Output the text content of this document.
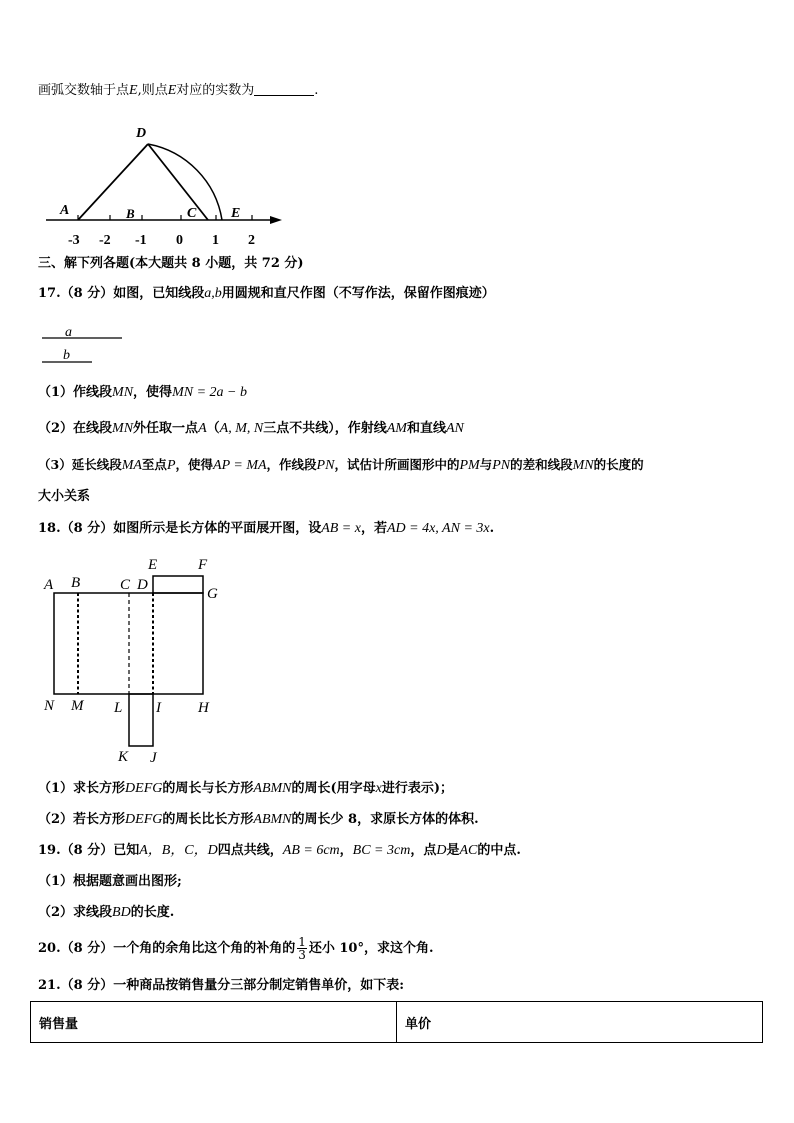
画弧交数轴于点E,则点E对应的实数为	.
A	B	C
D
E
-3 -2 -1 0 1 2
三、解下列各题(本大题共 8 小题，共 72 分)
17.（8 分）如图，已知线段a,b用圆规和直尺作图（不写作法，保留作图痕迹）
a
b
（1）作线段MN，使得MN = 2a − b
（2）在线段MN外任取一点A（A, M, N三点不共线），作射线AM和直线AN
（3）延长线段MA至点P，使得AP = MA，作线段PN，试估计所画图形中的PM与PN的差和线段MN的长度的
大小关系
18.（8 分）如图所示是长方体的平面展开图，设AB = x，若AD = 4x, AN = 3x.
A B	C D
E	F
G
N M L I H
K J
（1）求长方形DEFG的周长与长方形ABMN的周长(用字母x进行表示)；
（2）若长方形DEFG的周长比长方形ABMN的周长少 8，求原长方体的体积.
19.（8 分）已知A，B，C，D四点共线，AB = 6cm，BC = 3cm，点D是AC的中点.
（1）根据题意画出图形;
（2）求线段BD的长度.
20.（8 分）一个角的余角比这个角的补角的 $\frac{1}{3}$ 还小 10°，求这个角.
21.（8 分）一种商品按销售量分三部分制定销售单价，如下表:
销售量	单价
